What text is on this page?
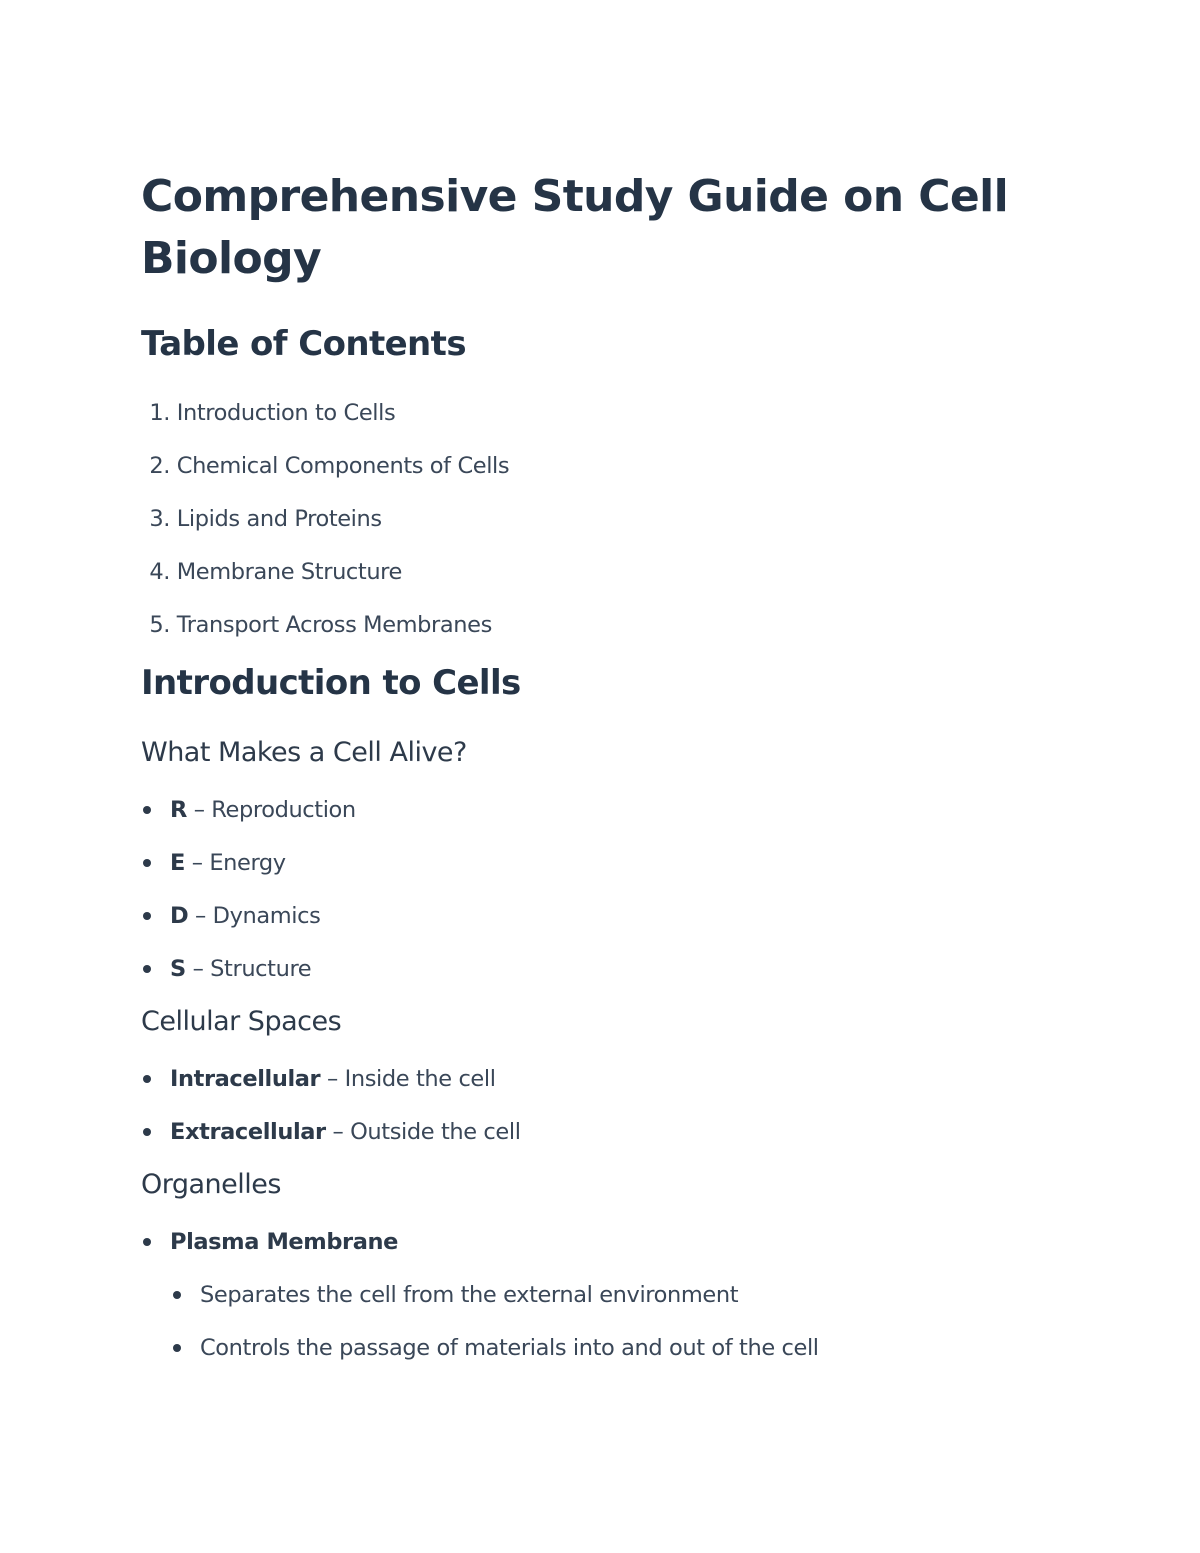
Comprehensive Study Guide on Cell Biology
Table of Contents
1. Introduction to Cells
2. Chemical Components of Cells
3. Lipids and Proteins
4. Membrane Structure
5. Transport Across Membranes
Introduction to Cells
What Makes a Cell Alive?
R – Reproduction
E – Energy
D – Dynamics
S – Structure
Cellular Spaces
Intracellular – Inside the cell
Extracellular – Outside the cell
Organelles
Plasma Membrane
Separates the cell from the external environment
Controls the passage of materials into and out of the cell
